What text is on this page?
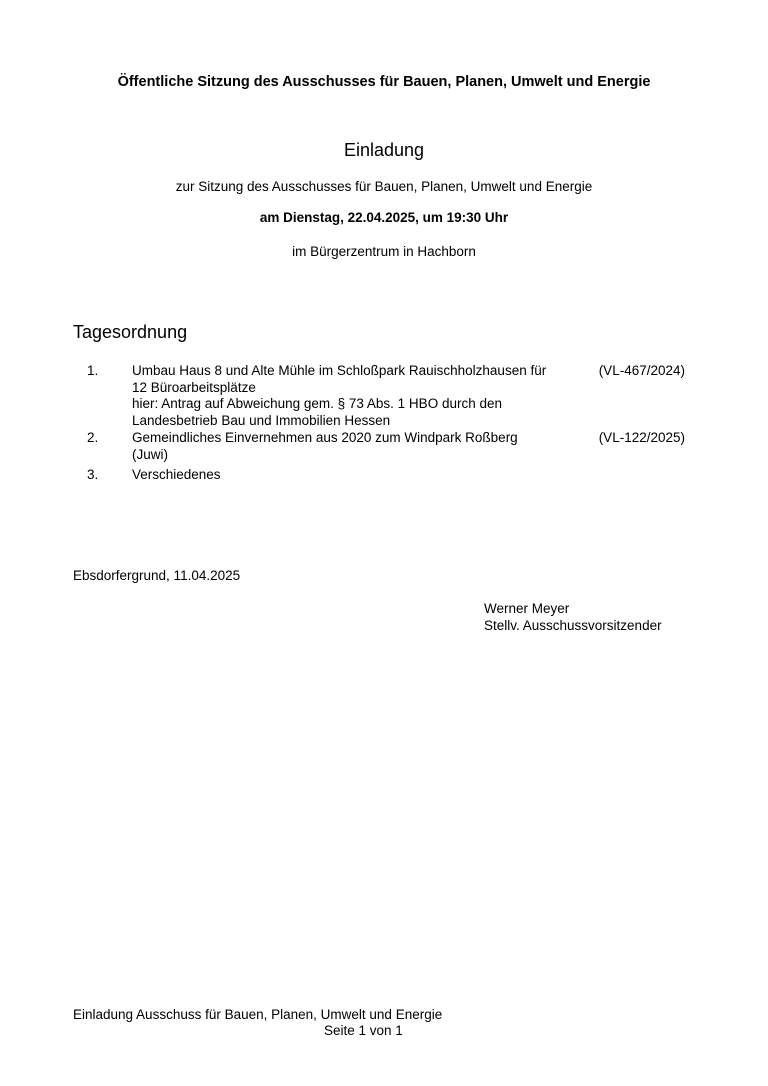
Öffentliche Sitzung des Ausschusses für Bauen, Planen, Umwelt und Energie
Einladung
zur Sitzung des Ausschusses für Bauen, Planen, Umwelt und Energie
am Dienstag, 22.04.2025, um 19:30 Uhr
im Bürgerzentrum in Hachborn
Tagesordnung
1. Umbau Haus 8 und Alte Mühle im Schloßpark Rauischholzhausen für
12 Büroarbeitsplätze
hier: Antrag auf Abweichung gem. § 73 Abs. 1 HBO durch den
Landesbetrieb Bau und Immobilien Hessen
(VL-467/2024)
2. Gemeindliches Einvernehmen aus 2020 zum Windpark Roßberg
(Juwi)
(VL-122/2025)
3. Verschiedenes
Ebsdorfergrund, 11.04.2025
Werner Meyer
Stellv. Ausschussvorsitzender
Einladung Ausschuss für Bauen, Planen, Umwelt und Energie
Seite 1 von 1
